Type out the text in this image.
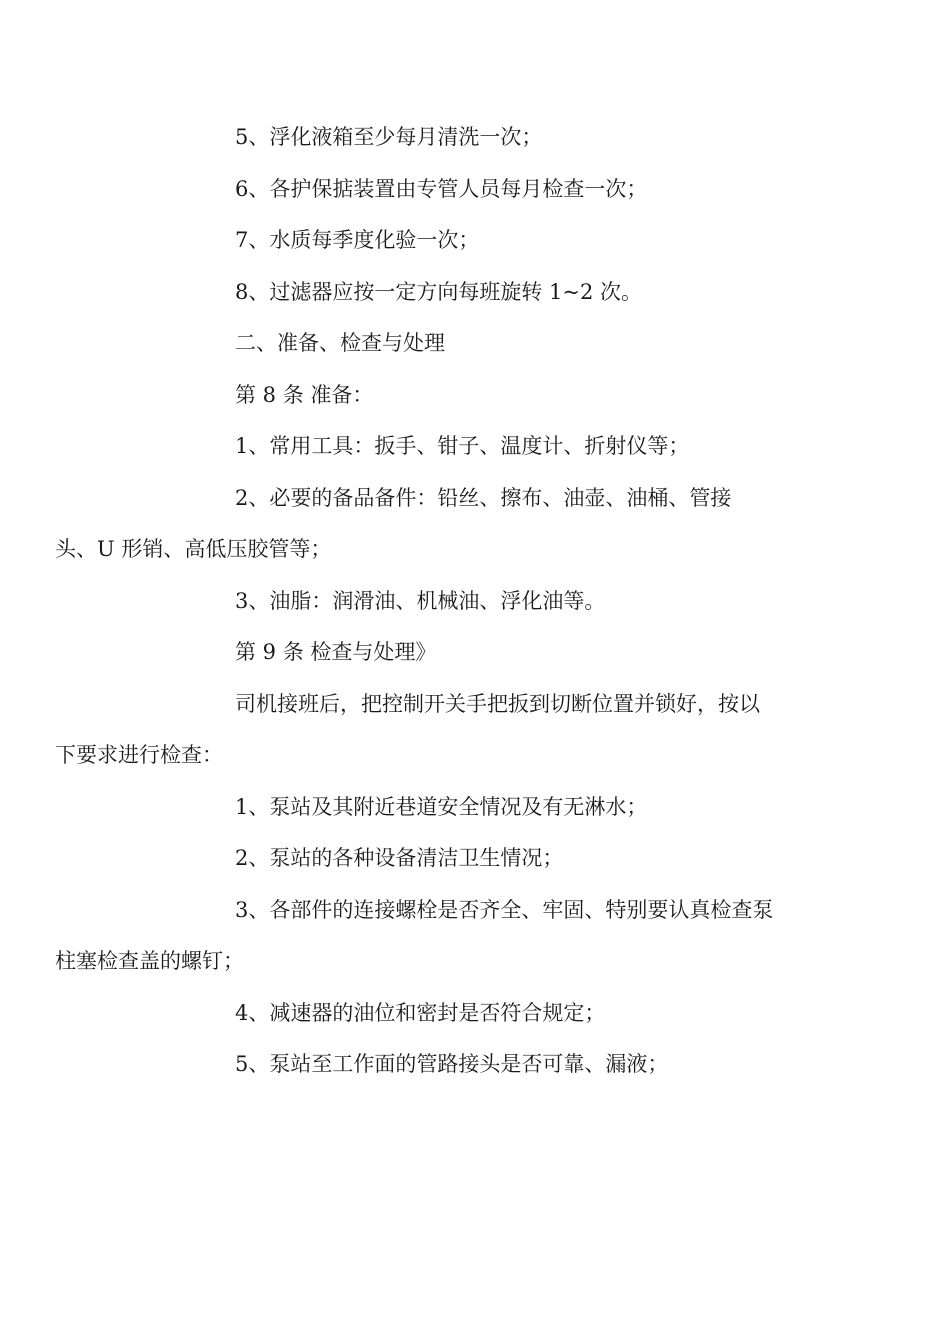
5、浮化液箱至少每月清洗一次；

6、各护保掂装置由专管人员每月检查一次；

7、水质每季度化验一次；

8、过滤器应按一定方向每班旋转 1~2 次。

二、准备、检查与处理

第 8 条 准备：

1、常用工具：扳手、钳子、温度计、折射仪等；

2、必要的备品备件：铅丝、擦布、油壶、油桶、管接
头、U 形销、高低压胶管等；

3、油脂：润滑油、机械油、浮化油等。

第 9 条 检查与处理》

司机接班后，把控制开关手把扳到切断位置并锁好，按以
下要求进行检查：

1、泵站及其附近巷道安全情况及有无淋水；

2、泵站的各种设备清洁卫生情况；

3、各部件的连接螺栓是否齐全、牢固、特别要认真检查泵
柱塞检查盖的螺钉；

4、减速器的油位和密封是否符合规定；

5、泵站至工作面的管路接头是否可靠、漏液；
